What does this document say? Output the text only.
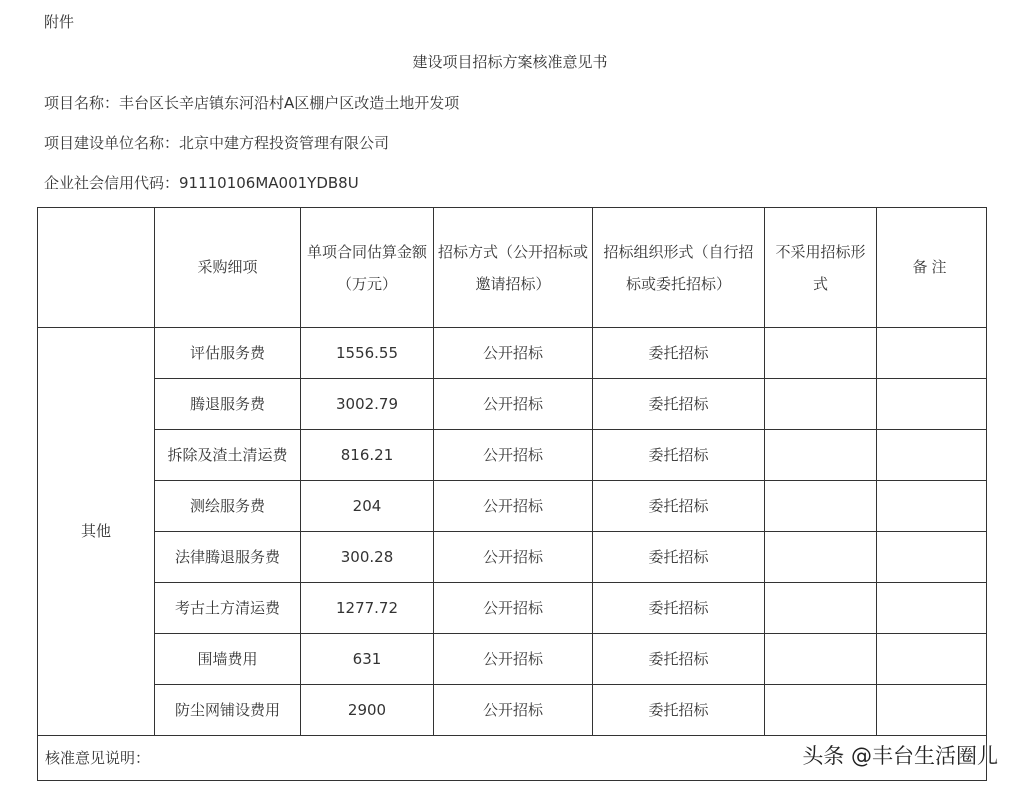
附件
建设项目招标方案核准意见书
项目名称：丰台区长辛店镇东河沿村A区棚户区改造土地开发项
项目建设单位名称：北京中建方程投资管理有限公司
企业社会信用代码：91110106MA001YDB8U
	采购细项	单项合同估算金额（万元）	招标方式（公开招标或邀请招标）	招标组织形式（自行招标或委托招标）	不采用招标形式	备注
其他	评估服务费	1556.55	公开招标	委托招标		
	腾退服务费	3002.79	公开招标	委托招标		
	拆除及渣土清运费	816.21	公开招标	委托招标		
	测绘服务费	204	公开招标	委托招标		
	法律腾退服务费	300.28	公开招标	委托招标		
	考古土方清运费	1277.72	公开招标	委托招标		
	围墙费用	631	公开招标	委托招标		
	防尘网铺设费用	2900	公开招标	委托招标		
核准意见说明：							头条 @丰台生活圈儿
